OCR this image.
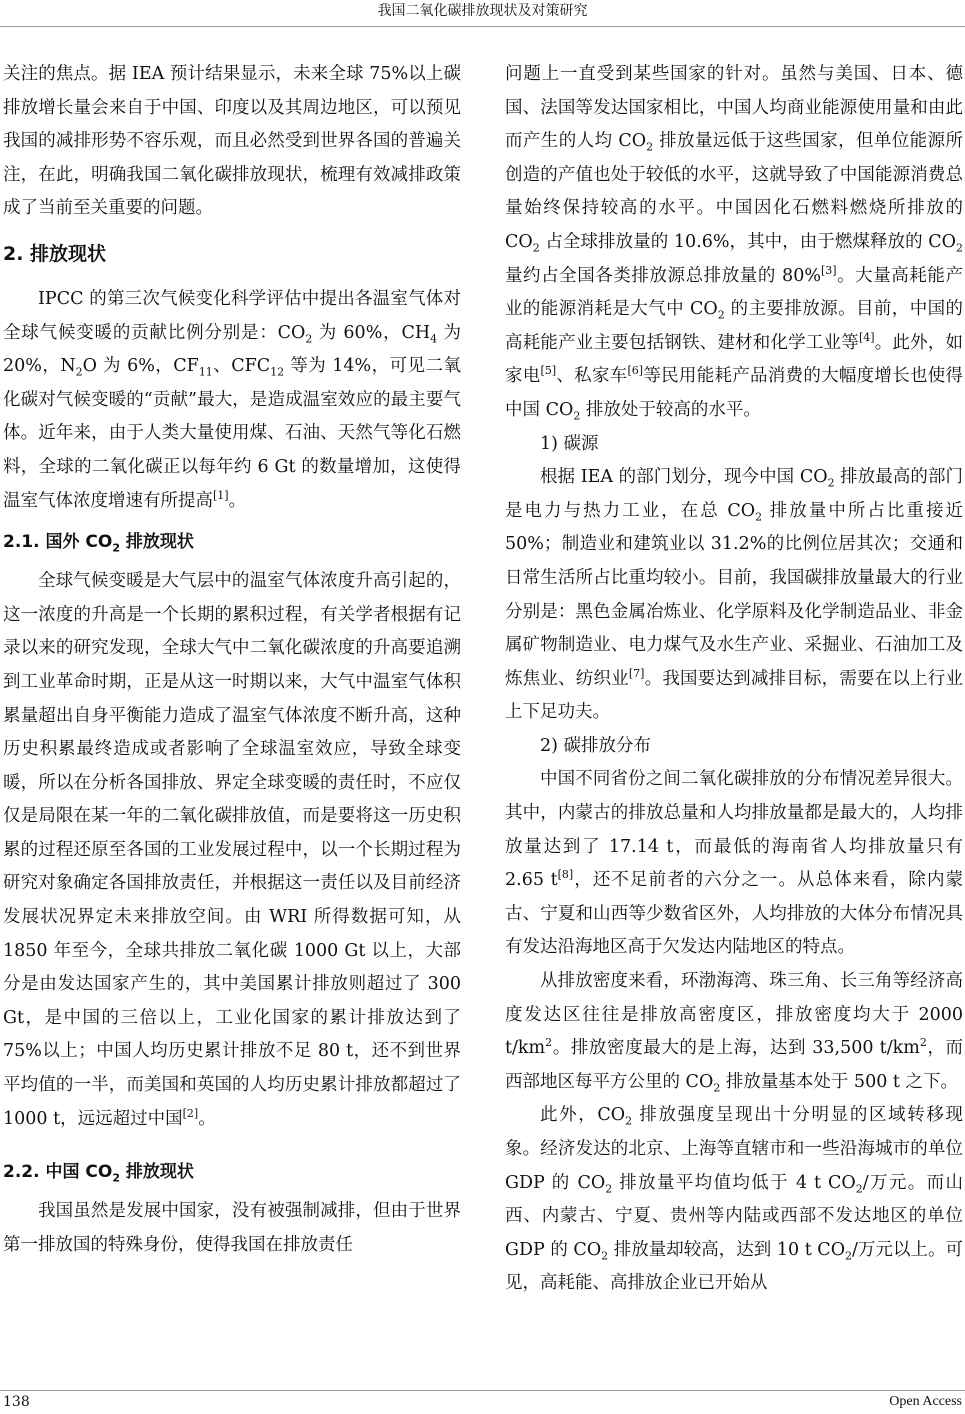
我国二氧化碳排放现状及对策研究

关注的焦点。据 IEA 预计结果显示，未来全球 75%以上碳排放增长量会来自于中国、印度以及其周边地区，可以预见我国的减排形势不容乐观，而且必然受到世界各国的普遍关注，在此，明确我国二氧化碳排放现状，梳理有效减排政策成了当前至关重要的问题。

2. 排放现状

IPCC 的第三次气候变化科学评估中提出各温室气体对全球气候变暖的贡献比例分别是：$CO_2$ 为 60%，$CH_4$ 为 20%，$N_2O$ 为 6%，$CF_{11}$、$CFC_{12}$ 等为 14%，可见二氧化碳对气候变暖的“贡献”最大，是造成温室效应的最主要气体。近年来，由于人类大量使用煤、石油、天然气等化石燃料，全球的二氧化碳正以每年约 6 Gt 的数量增加，这使得温室气体浓度增速有所提高[1]。

2.1. 国外 $CO_2$ 排放现状

全球气候变暖是大气层中的温室气体浓度升高引起的，这一浓度的升高是一个长期的累积过程，有关学者根据有记录以来的研究发现，全球大气中二氧化碳浓度的升高要追溯到工业革命时期，正是从这一时期以来，大气中温室气体积累量超出自身平衡能力造成了温室气体浓度不断升高，这种历史积累最终造成或者影响了全球温室效应，导致全球变暖，所以在分析各国排放、界定全球变暖的责任时，不应仅仅是局限在某一年的二氧化碳排放值，而是要将这一历史积累的过程还原至各国的工业发展过程中，以一个长期过程为研究对象确定各国排放责任，并根据这一责任以及目前经济发展状况界定未来排放空间。由 WRI 所得数据可知，从 1850 年至今，全球共排放二氧化碳 1000 Gt 以上，大部分是由发达国家产生的，其中美国累计排放则超过了 300 Gt，是中国的三倍以上，工业化国家的累计排放达到了 75%以上；中国人均历史累计排放不足 80 t，还不到世界平均值的一半，而美国和英国的人均历史累计排放都超过了 1000 t，远远超过中国[2]。

2.2. 中国 $CO_2$ 排放现状

我国虽然是发展中国家，没有被强制减排，但由于世界第一排放国的特殊身份，使得我国在排放责任

问题上一直受到某些国家的针对。虽然与美国、日本、德国、法国等发达国家相比，中国人均商业能源使用量和由此而产生的人均 $CO_2$ 排放量远低于这些国家，但单位能源所创造的产值也处于较低的水平，这就导致了中国能源消费总量始终保持较高的水平。中国因化石燃料燃烧所排放的 $CO_2$ 占全球排放量的 10.6%，其中，由于燃煤释放的 $CO_2$ 量约占全国各类排放源总排放量的 80%[3]。大量高耗能产业的能源消耗是大气中 $CO_2$ 的主要排放源。目前，中国的高耗能产业主要包括钢铁、建材和化学工业等[4]。此外，如家电[5]、私家车[6]等民用能耗产品消费的大幅度增长也使得中国 $CO_2$ 排放处于较高的水平。

1) 碳源

根据 IEA 的部门划分，现今中国 $CO_2$ 排放最高的部门是电力与热力工业，在总 $CO_2$ 排放量中所占比重接近 50%；制造业和建筑业以 31.2%的比例位居其次；交通和日常生活所占比重均较小。目前，我国碳排放量最大的行业分别是：黑色金属冶炼业、化学原料及化学制造品业、非金属矿物制造业、电力煤气及水生产业、采掘业、石油加工及炼焦业、纺织业[7]。我国要达到减排目标，需要在以上行业上下足功夫。

2) 碳排放分布

中国不同省份之间二氧化碳排放的分布情况差异很大。其中，内蒙古的排放总量和人均排放量都是最大的，人均排放量达到了 17.14 t，而最低的海南省人均排放量只有 2.65 t[8]，还不足前者的六分之一。从总体来看，除内蒙古、宁夏和山西等少数省区外，人均排放的大体分布情况具有发达沿海地区高于欠发达内陆地区的特点。

从排放密度来看，环渤海湾、珠三角、长三角等经济高度发达区往往是排放高密度区，排放密度均大于 2000 $t/km^2$。排放密度最大的是上海，达到 33,500 $t/km^2$，而西部地区每平方公里的 $CO_2$ 排放量基本处于 500 t 之下。

此外，$CO_2$ 排放强度呈现出十分明显的区域转移现象。经济发达的北京、上海等直辖市和一些沿海城市的单位 GDP 的 $CO_2$ 排放量平均值均低于 4 t $CO_2/$万元。而山西、内蒙古、宁夏、贵州等内陆或西部不发达地区的单位 GDP 的 $CO_2$ 排放量却较高，达到 10 t $CO_2/$万元以上。可见，高耗能、高排放企业已开始从

138	Open Access
